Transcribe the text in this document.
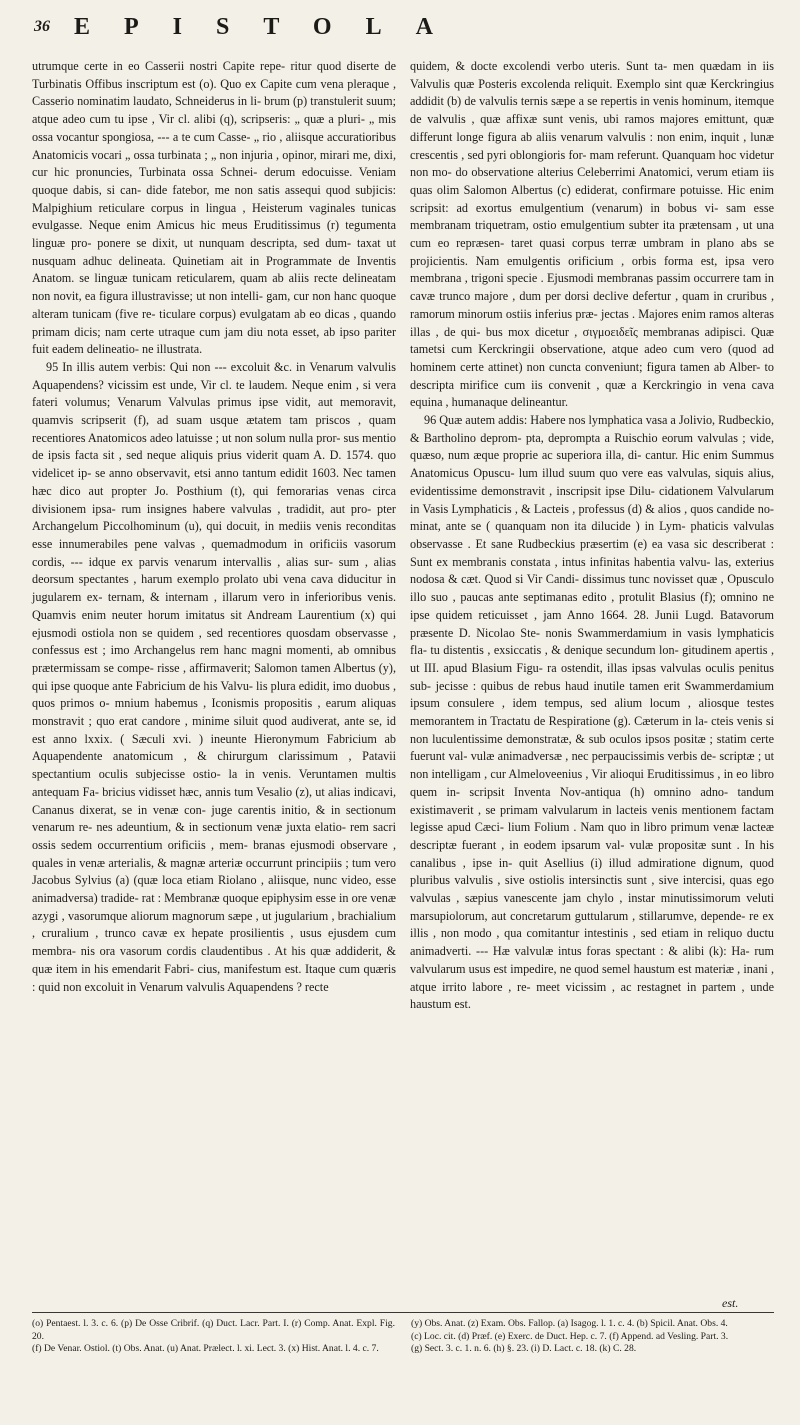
36 EPISTOLA

utrumque certe in eo Casserii nostri Capite repe- ritur quod diserte de Turbinatis Offibus inscriptum est (o). Quo ex Capite cum vena pleraque , Casserio nominatim laudato, Schneiderus in li- brum (p) transtulerit suum; atque adeo cum tu ipse , Vir cl. alibi (q), scripseris: „ quæ a pluri- „ mis ossa vocantur spongiosa, --- a te cum Casse- „ rio , aliisque accuratioribus Anatomicis vocari „ ossa turbinata ; „ non injuria , opinor, mirari me, dixi, cur hic pronuncies, Turbinata ossa Schnei- derum edocuisse. Veniam quoque dabis, si can- dide fatebor, me non satis assequi quod subjicis: Malpighium reticulare corpus in lingua , Heisterum vaginales tunicas evulgasse. Neque enim Amicus hic meus Eruditissimus (r) tegumenta linguæ pro- ponere se dixit, ut nunquam descripta, sed dum- taxat ut nusquam adhuc delineata. Quinetiam ait in Programmate de Inventis Anatom. se linguæ tunicam reticularem, quam ab aliis recte delineatam non novit, ea figura illustravisse; ut non intelli- gam, cur non hanc quoque alteram tunicam (five re- ticulare corpus) evulgatam ab eo dicas , quando primam dicis; nam certe utraque cum jam diu nota esset, ab ipso pariter fuit eadem delineatio- ne illustrata.

95 In illis autem verbis: Qui non --- excoluit &c. in Venarum valvulis Aquapendens? vicissim est unde, Vir cl. te laudem. Neque enim , si vera fateri volumus; Venarum Valvulas primus ipse vidit, aut memoravit, quamvis scripserit (f), ad suam usque ætatem tam priscos , quam recentiores Anatomicos adeo latuisse ; ut non solum nulla pror- sus mentio de ipsis facta sit , sed neque aliquis prius viderit quam A. D. 1574. quo videlicet ip- se anno observavit, etsi anno tantum edidit 1603. Nec tamen hæc dico aut propter Jo. Posthium (t), qui femorarias venas circa divisionem ipsa- rum insignes habere valvulas , tradidit, aut pro- pter Archangelum Piccolhominum (u), qui docuit, in mediis venis reconditas esse innumerabiles pene valvas , quemadmodum in orificiis vasorum cordis, --- idque ex parvis venarum intervallis , alias sur- sum , alias deorsum spectantes , harum exemplo prolato ubi vena cava diducitur in jugularem ex- ternam, & internam , illarum vero in inferioribus venis. Quamvis enim neuter horum imitatus sit Andream Laurentium (x) qui ejusmodi ostiola non se quidem , sed recentiores quosdam observasse , confessus est ; imo Archangelus rem hanc magni momenti, ab omnibus prætermissam se compe- risse , affirmaverit; Salomon tamen Albertus (y), qui ipse quoque ante Fabricium de his Valvu- lis plura edidit, imo duobus , quos primos o- mnium habemus , Iconismis propositis , earum aliquas monstravit ; quo erat candore , minime siluit quod audiverat, ante se, id est anno lxxix. ( Sæculi xvi. ) ineunte Hieronymum Fabricium ab Aquapendente anatomicum , & chirurgum clarissimum , Patavii spectantium oculis subjecisse ostio- la in venis. Veruntamen multis antequam Fa- bricius vidisset hæc, annis tum Vesalio (z), ut alias indicavi, Cananus dixerat, se in venæ con- juge carentis initio, & in sectionum venarum re- nes adeuntium, & in sectionum venæ juxta elatio- rem sacri ossis sedem occurrentium orificiis , mem- branas ejusmodi observare , quales in venæ arterialis, & magnæ arteriæ occurrunt principiis ; tum vero Jacobus Sylvius (a) (quæ loca etiam Riolano , aliisque, nunc video, esse animadversa) tradide- rat : Membranæ quoque epiphysim esse in ore venæ azygi , vasorumque aliorum magnorum sæpe , ut jugularium , brachialium , cruralium , trunco cavæ ex hepate prosilientis , usus ejusdem cum membra- nis ora vasorum cordis claudentibus . At his quæ addiderit, & quæ item in his emendarit Fabri- cius, manifestum est. Itaque cum quæris : quid non excoluit in Venarum valvulis Aquapendens ? recte

quidem, & docte excolendi verbo uteris. Sunt ta- men quædam in iis Valvulis quæ Posteris excolenda reliquit. Exemplo sint quæ Kerckringius addidit (b) de valvulis ternis sæpe a se repertis in venis hominum, itemque de valvulis , quæ affixæ sunt venis, ubi ramos majores emittunt, quæ differunt longe figura ab aliis venarum valvulis : non enim, inquit , lunæ crescentis , sed pyri oblongioris for- mam referunt. Quanquam hoc videtur non mo- do observatione alterius Celeberrimi Anatomici, verum etiam iis quas olim Salomon Albertus (c) ediderat, confirmare potuisse. Hic enim scripsit: ad exortus emulgentium (venarum) in bobus vi- sam esse membranam triquetram, ostio emulgentium subter ita prætensam , ut una cum eo repræsen- taret quasi corpus terræ umbram in plano abs se projicientis. Nam emulgentis orificium , orbis forma est, ipsa vero membrana , trigoni specie . Ejusmodi membranas passim occurrere tam in cavæ trunco majore , dum per dorsi declive defertur , quam in cruribus , ramorum minorum ostiis inferius præ- jectas . Majores enim ramos alteras illas , de qui- bus mox dicetur , σιγμοειδεῖς membranas adipisci. Quæ tametsi cum Kerckringii observatione, atque adeo cum vero (quod ad hominem certe attinet) non cuncta conveniunt; figura tamen ab Alber- to descripta mirifice cum iis convenit , quæ a Kerckringio in vena cava equina , humanaque delineantur.

96 Quæ autem addis: Habere nos lymphatica vasa a Jolivio, Rudbeckio, & Bartholino deprom- pta, deprompta a Ruischio eorum valvulas ; vide, quæso, num æque proprie ac superiora illa, di- cantur. Hic enim Summus Anatomicus Opuscu- lum illud suum quo vere eas valvulas, siquis alius, evidentissime demonstravit , inscripsit ipse Dilu- cidationem Valvularum in Vasis Lymphaticis , & Lacteis , professus (d) & alios , quos candide no- minat, ante se ( quanquam non ita dilucide ) in Lym- phaticis valvulas observasse . Et sane Rudbeckius præsertim (e) ea vasa sic describerat : Sunt ex membranis constata , intus infinitas habentia valvu- las, exterius nodosa & cæt. Quod si Vir Candi- dissimus tunc novisset quæ , Opusculo illo suo , paucas ante septimanas edito , protulit Blasius (f); omnino ne ipse quidem reticuisset , jam Anno 1664. 28. Junii Lugd. Batavorum præsente D. Nicolao Ste- nonis Swammerdamium in vasis lymphaticis fla- tu distentis , exsiccatis , & denique secundum lon- gitudinem apertis , ut III. apud Blasium Figu- ra ostendit, illas ipsas valvulas oculis penitus sub- jecisse : quibus de rebus haud inutile tamen erit Swammerdamium ipsum consulere , idem tempus, sed alium locum , aliosque testes memorantem in Tractatu de Respiratione (g). Cæterum in la- cteis venis si non luculentissime demonstratæ, & sub oculos ipsos positæ ; statim certe fuerunt val- vulæ animadversæ , nec perpaucissimis verbis de- scriptæ ; ut non intelligam , cur Almeloveenius , Vir alioqui Eruditissimus , in eo libro quem in- scripsit Inventa Nov-antiqua (h) omnino adno- tandum existimaverit , se primam valvularum in lacteis venis mentionem factam legisse apud Cæci- lium Folium . Nam quo in libro primum venæ lacteæ descriptæ fuerant , in eodem ipsarum val- vulæ propositæ sunt . In his canalibus , ipse in- quit Asellius (i) illud admiratione dignum, quod pluribus valvulis , sive ostiolis intersinctis sunt , sive intercisi, quas ego valvulas , sæpius vanescente jam chylo , instar minutissimorum veluti marsupiolorum, aut concretarum guttularum , stillarumve, depende- re ex illis , non modo , qua comitantur intestinis , sed etiam in reliquo ductu animadverti. --- Hæ valvulæ intus foras spectant : & alibi (k): Ha- rum valvularum usus est impedire, ne quod semel haustum est materiæ , inani , atque irrito labore , re- meet vicissim , ac restagnet in partem , unde haustum est.

est.

(o) Pentaest. l. 3. c. 6. (p) De Osse Cribrif. (q) Duct. Lacr. Part. I. (r) Comp. Anat. Expl. Fig. 20.

(f) De Venar. Ostiol. (t) Obs. Anat. (u) Anat. Prælect. l. xi. Lect. 3. (x) Hist. Anat. l. 4. c. 7.

(y) Obs. Anat. (z) Exam. Obs. Fallop. (a) Isagog. l. 1. c. 4. (b) Spicil. Anat. Obs. 4.

(c) Loc. cit. (d) Præf. (e) Exerc. de Duct. Hep. c. 7. (f) Append. ad Vesling. Part. 3.

(g) Sect. 3. c. 1. n. 6. (h) §. 23. (i) D. Lact. c. 18. (k) C. 28.
